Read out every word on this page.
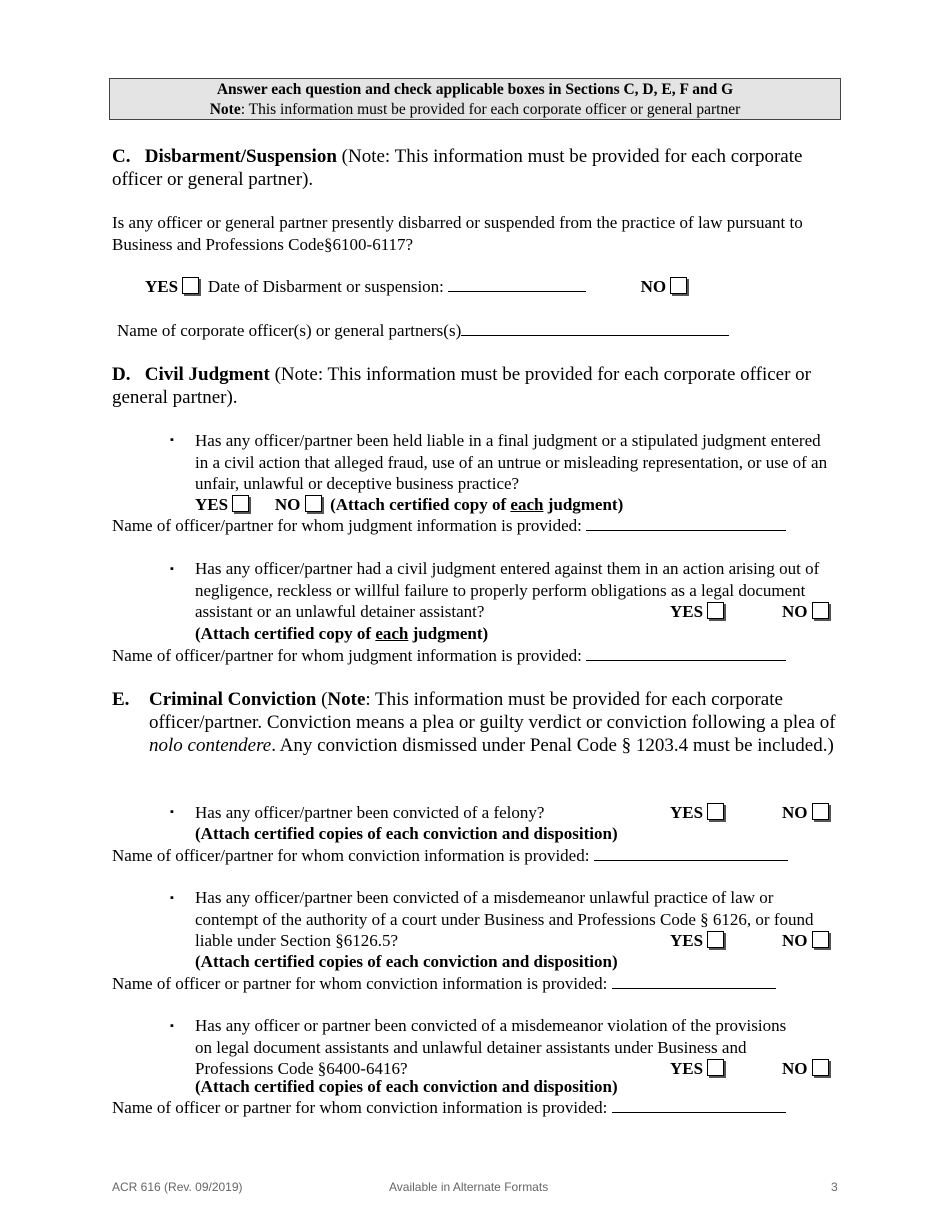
Answer each question and check applicable boxes in Sections C, D, E, F and G
Note: This information must be provided for each corporate officer or general partner
C. Disbarment/Suspension (Note: This information must be provided for each corporate officer or general partner).
Is any officer or general partner presently disbarred or suspended from the practice of law pursuant to Business and Professions Code§6100-6117?
YES Date of Disbarment or suspension:	NO
Name of corporate officer(s) or general partners(s)
D. Civil Judgment (Note: This information must be provided for each corporate officer or general partner).
▪ Has any officer/partner been held liable in a final judgment or a stipulated judgment entered in a civil action that alleged fraud, use of an untrue or misleading representation, or use of an unfair, unlawful or deceptive business practice?
YES	NO (Attach certified copy of each judgment)
Name of officer/partner for whom judgment information is provided:
▪ Has any officer/partner had a civil judgment entered against them in an action arising out of negligence, reckless or willful failure to properly perform obligations as a legal document assistant or an unlawful detainer assistant?	YES	NO
(Attach certified copy of each judgment)
Name of officer/partner for whom judgment information is provided:
E. Criminal Conviction (Note: This information must be provided for each corporate officer/partner. Conviction means a plea or guilty verdict or conviction following a plea of nolo contendere. Any conviction dismissed under Penal Code § 1203.4 must be included.)
▪ Has any officer/partner been convicted of a felony?	YES	NO
(Attach certified copies of each conviction and disposition)
Name of officer/partner for whom conviction information is provided:
▪ Has any officer/partner been convicted of a misdemeanor unlawful practice of law or contempt of the authority of a court under Business and Professions Code § 6126, or found liable under Section §6126.5?	YES	NO
(Attach certified copies of each conviction and disposition)
Name of officer or partner for whom conviction information is provided:
▪ Has any officer or partner been convicted of a misdemeanor violation of the provisions on legal document assistants and unlawful detainer assistants under Business and Professions Code §6400-6416?	YES	NO
(Attach certified copies of each conviction and disposition)
Name of officer or partner for whom conviction information is provided:
ACR 616 (Rev. 09/2019)	Available in Alternate Formats	3
